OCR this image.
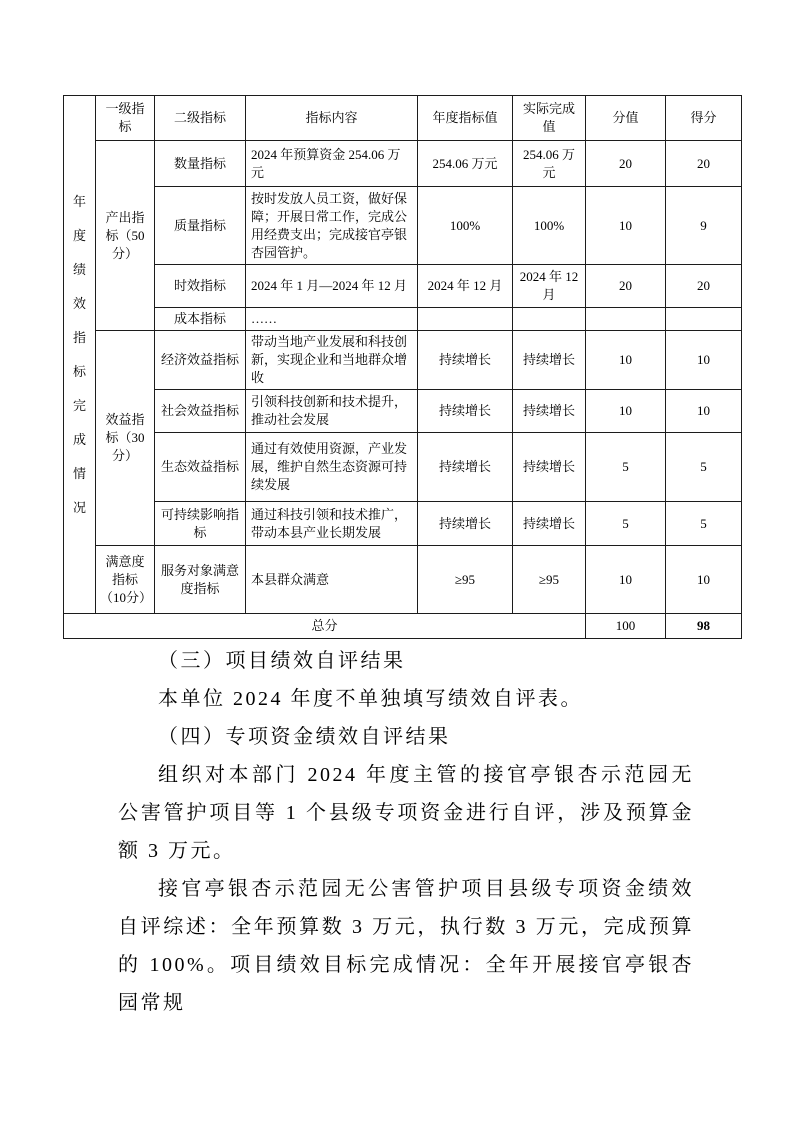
年度绩效指标完成情况	一级指标	二级指标	指标内容	年度指标值	实际完成值	分值	得分
	产出指标（50分）	数量指标	2024 年预算资金 254.06 万元	254.06 万元	254.06 万元	20	20
		质量指标	按时发放人员工资，做好保障；开展日常工作，完成公用经费支出；完成接官亭银杏园管护。	100%	100%	10	9
		时效指标	2024 年 1 月—2024 年 12 月	2024 年 12 月	2024 年 12 月	20	20
		成本指标	……				
	效益指标（30分）	经济效益指标	带动当地产业发展和科技创新，实现企业和当地群众增收	持续增长	持续增长	10	10
		社会效益指标	引领科技创新和技术提升，推动社会发展	持续增长	持续增长	10	10
		生态效益指标	通过有效使用资源，产业发展，维护自然生态资源可持续发展	持续增长	持续增长	5	5
		可持续影响指标	通过科技引领和技术推广，带动本县产业长期发展	持续增长	持续增长	5	5
	满意度指标（10分）	服务对象满意度指标	本县群众满意	≥95	≥95	10	10
总分						100	98

（三）项目绩效自评结果

本单位 2024 年度不单独填写绩效自评表。

（四）专项资金绩效自评结果

组织对本部门 2024 年度主管的接官亭银杏示范园无公害管护项目等 1 个县级专项资金进行自评，涉及预算金额 3 万元。

接官亭银杏示范园无公害管护项目县级专项资金绩效自评综述：全年预算数 3 万元，执行数 3 万元，完成预算的 100%。项目绩效目标完成情况：全年开展接官亭银杏园常规
